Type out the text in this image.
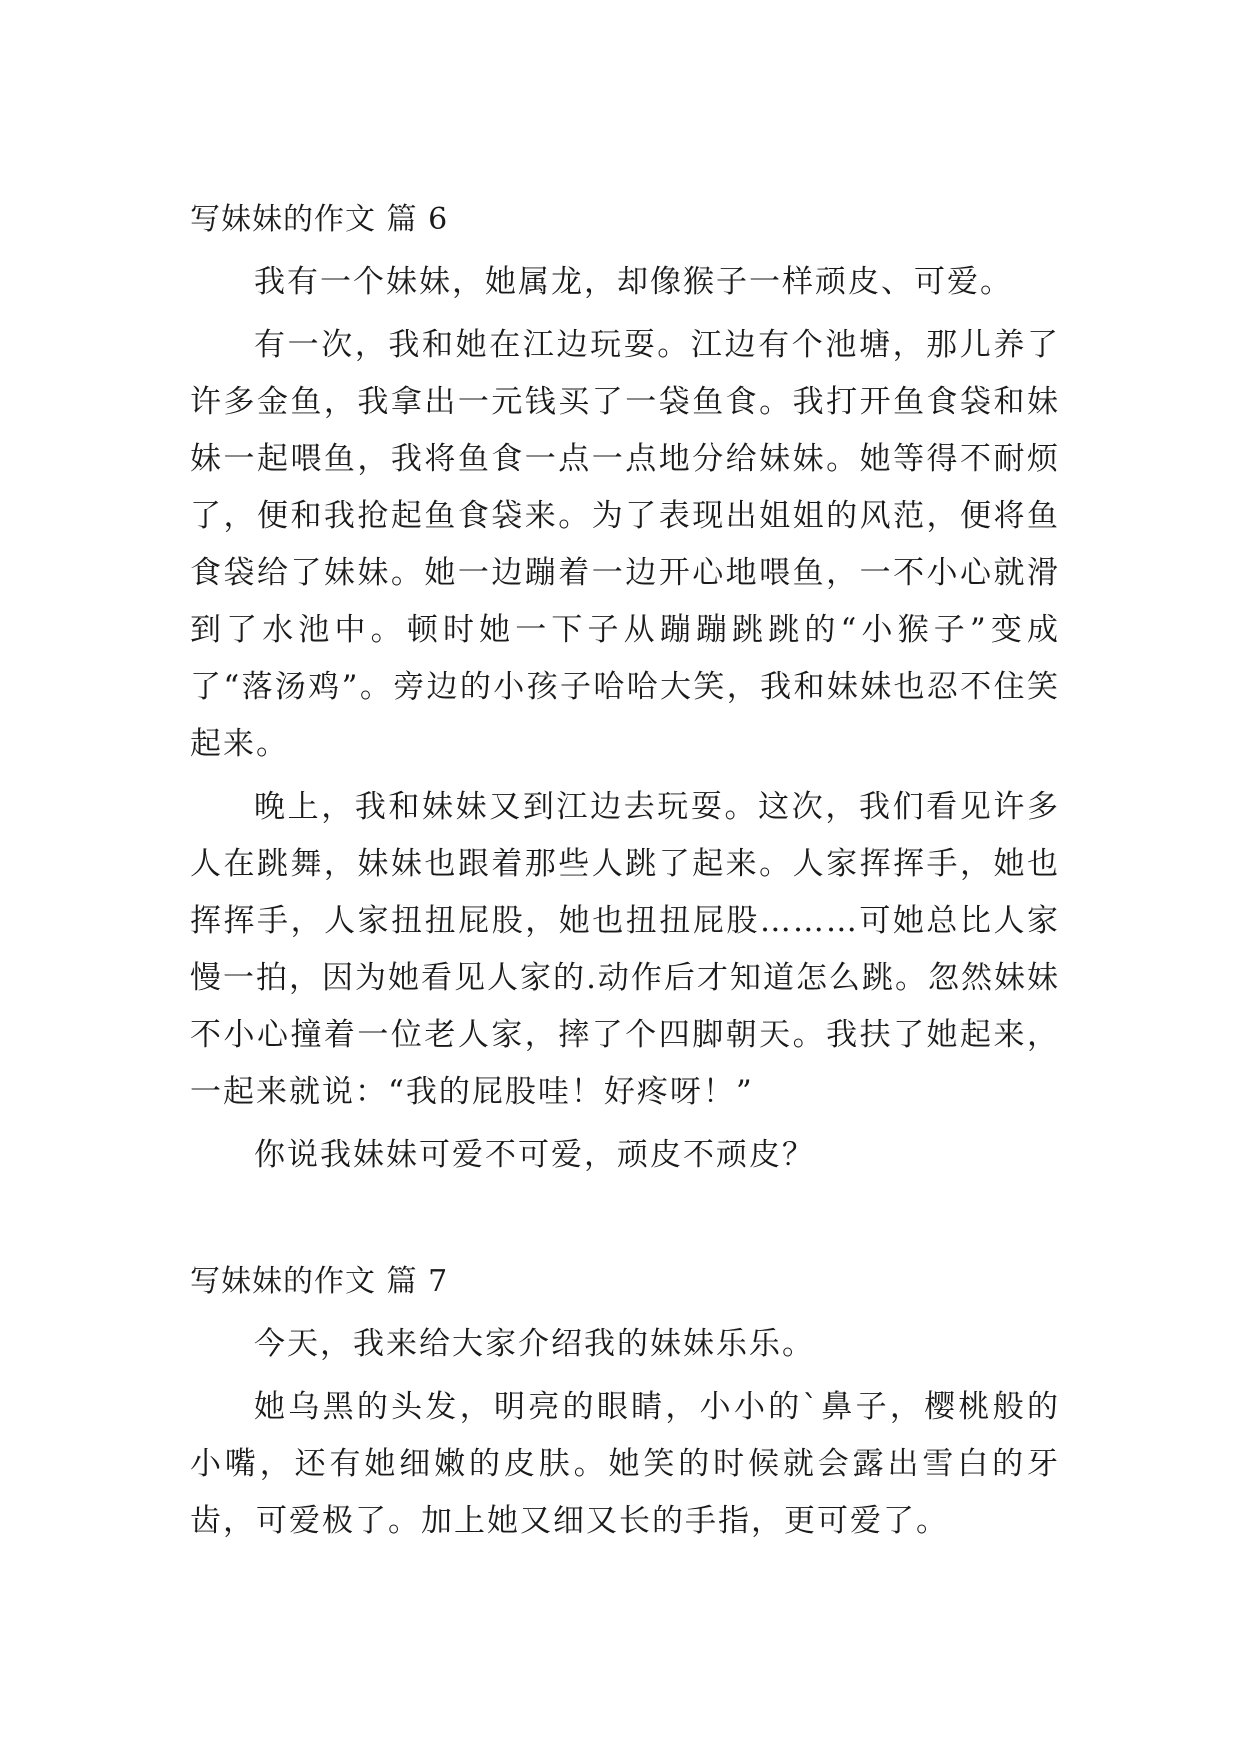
写妹妹的作文 篇 6

我有一个妹妹，她属龙，却像猴子一样顽皮、可爱。

有一次，我和她在江边玩耍。江边有个池塘，那儿养了许多金鱼，我拿出一元钱买了一袋鱼食。我打开鱼食袋和妹妹一起喂鱼，我将鱼食一点一点地分给妹妹。她等得不耐烦了，便和我抢起鱼食袋来。为了表现出姐姐的风范，便将鱼食袋给了妹妹。她一边蹦着一边开心地喂鱼，一不小心就滑到了水池中。顿时她一下子从蹦蹦跳跳的“小猴子”变成了“落汤鸡”。旁边的小孩子哈哈大笑，我和妹妹也忍不住笑起来。

晚上，我和妹妹又到江边去玩耍。这次，我们看见许多人在跳舞，妹妹也跟着那些人跳了起来。人家挥挥手，她也挥挥手，人家扭扭屁股，她也扭扭屁股………可她总比人家慢一拍，因为她看见人家的.动作后才知道怎么跳。忽然妹妹不小心撞着一位老人家，摔了个四脚朝天。我扶了她起来，一起来就说：“我的屁股哇！好疼呀！”

你说我妹妹可爱不可爱，顽皮不顽皮？

写妹妹的作文 篇 7

今天，我来给大家介绍我的妹妹乐乐。

她乌黑的头发，明亮的眼睛，小小的`鼻子，樱桃般的小嘴，还有她细嫩的皮肤。她笑的时候就会露出雪白的牙齿，可爱极了。加上她又细又长的手指，更可爱了。
